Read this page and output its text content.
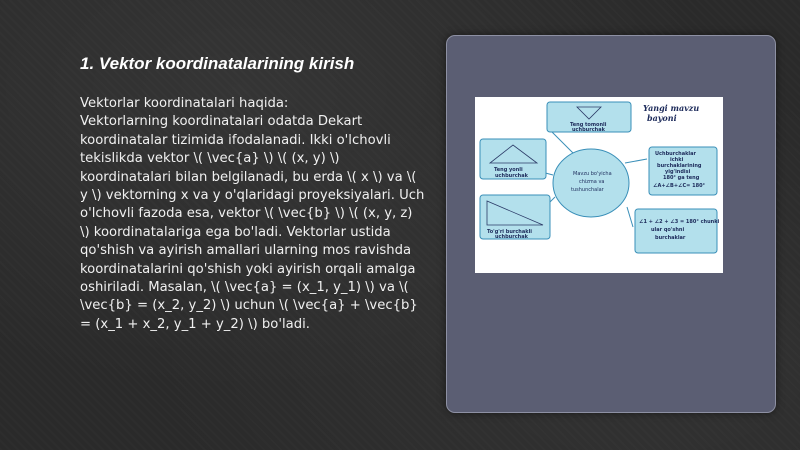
1. Vektor koordinatalarining kirish

Vektorlar koordinatalari haqida:

Vektorlarning koordinatalari odatda Dekart koordinatalar tizimida ifodalanadi. Ikki o'lchovli tekislikda vektor \( \vec{a} \) \( (x, y) \) koordinatalari bilan belgilanadi, bu erda \( x \) va \( y \) vektorning x va y o'qlaridagi proyeksiyalari. Uch o'lchovli fazoda esa, vektor \( \vec{b} \) \( (x, y, z) \) koordinatalariga ega bo'ladi. Vektorlar ustida qo'shish va ayirish amallari ularning mos ravishda koordinatalarini qo'shish yoki ayirish orqali amalga oshiriladi. Masalan, \( \vec{a} = (x_1, y_1) \) va \( \vec{b} = (x_2, y_2) \) uchun \( \vec{a} + \vec{b} = (x_1 + x_2, y_1 + y_2) \) bo'ladi.

Teng tomonli
uchburchak
Yangi mavzu
bayoni
Teng yonli
uchburchak	Mavzu bo'yicha
chizma va
tushunchalar
Uchburchaklar
ichki
burchaklarining
yig'indisi
180° ga teng
∠A+∠B+∠C= 180°
To'g'ri burchakli
uchburchak
∠1 + ∠2 + ∠3 = 180° chunki
ular qo'shni
burchaklar
